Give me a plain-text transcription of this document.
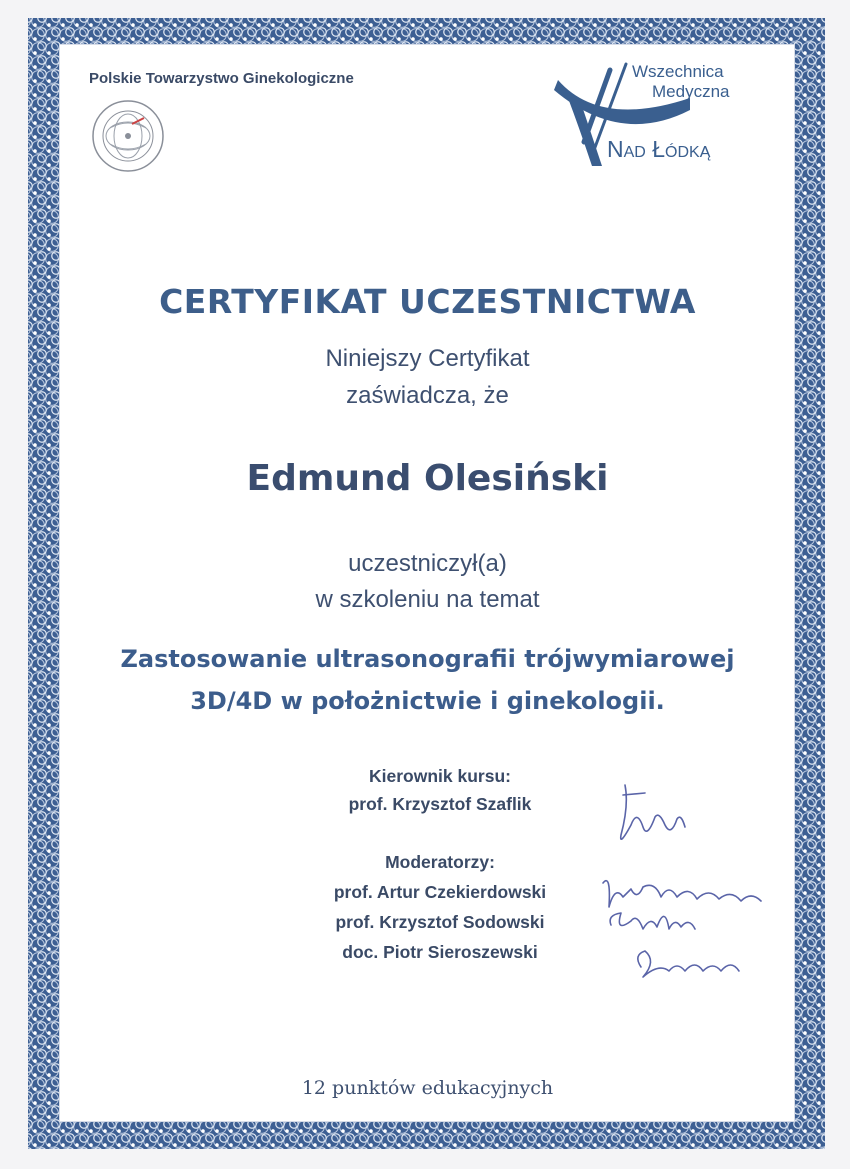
Polskie Towarzystwo Ginekologiczne	Wszechnica

Medyczna

Nad Łódką

CERTYFIKAT UCZESTNICTWA

Niniejszy Certyfikat

zaświadcza, że

Edmund Olesiński

uczestniczył(a)

w szkoleniu na temat

Zastosowanie ultrasonografii trójwymiarowej

3D/4D w położnictwie i ginekologii.

Kierownik kursu:

prof. Krzysztof Szaflik

Moderatorzy:

prof. Artur Czekierdowski

prof. Krzysztof Sodowski

doc. Piotr Sieroszewski

12 punktów edukacyjnych
